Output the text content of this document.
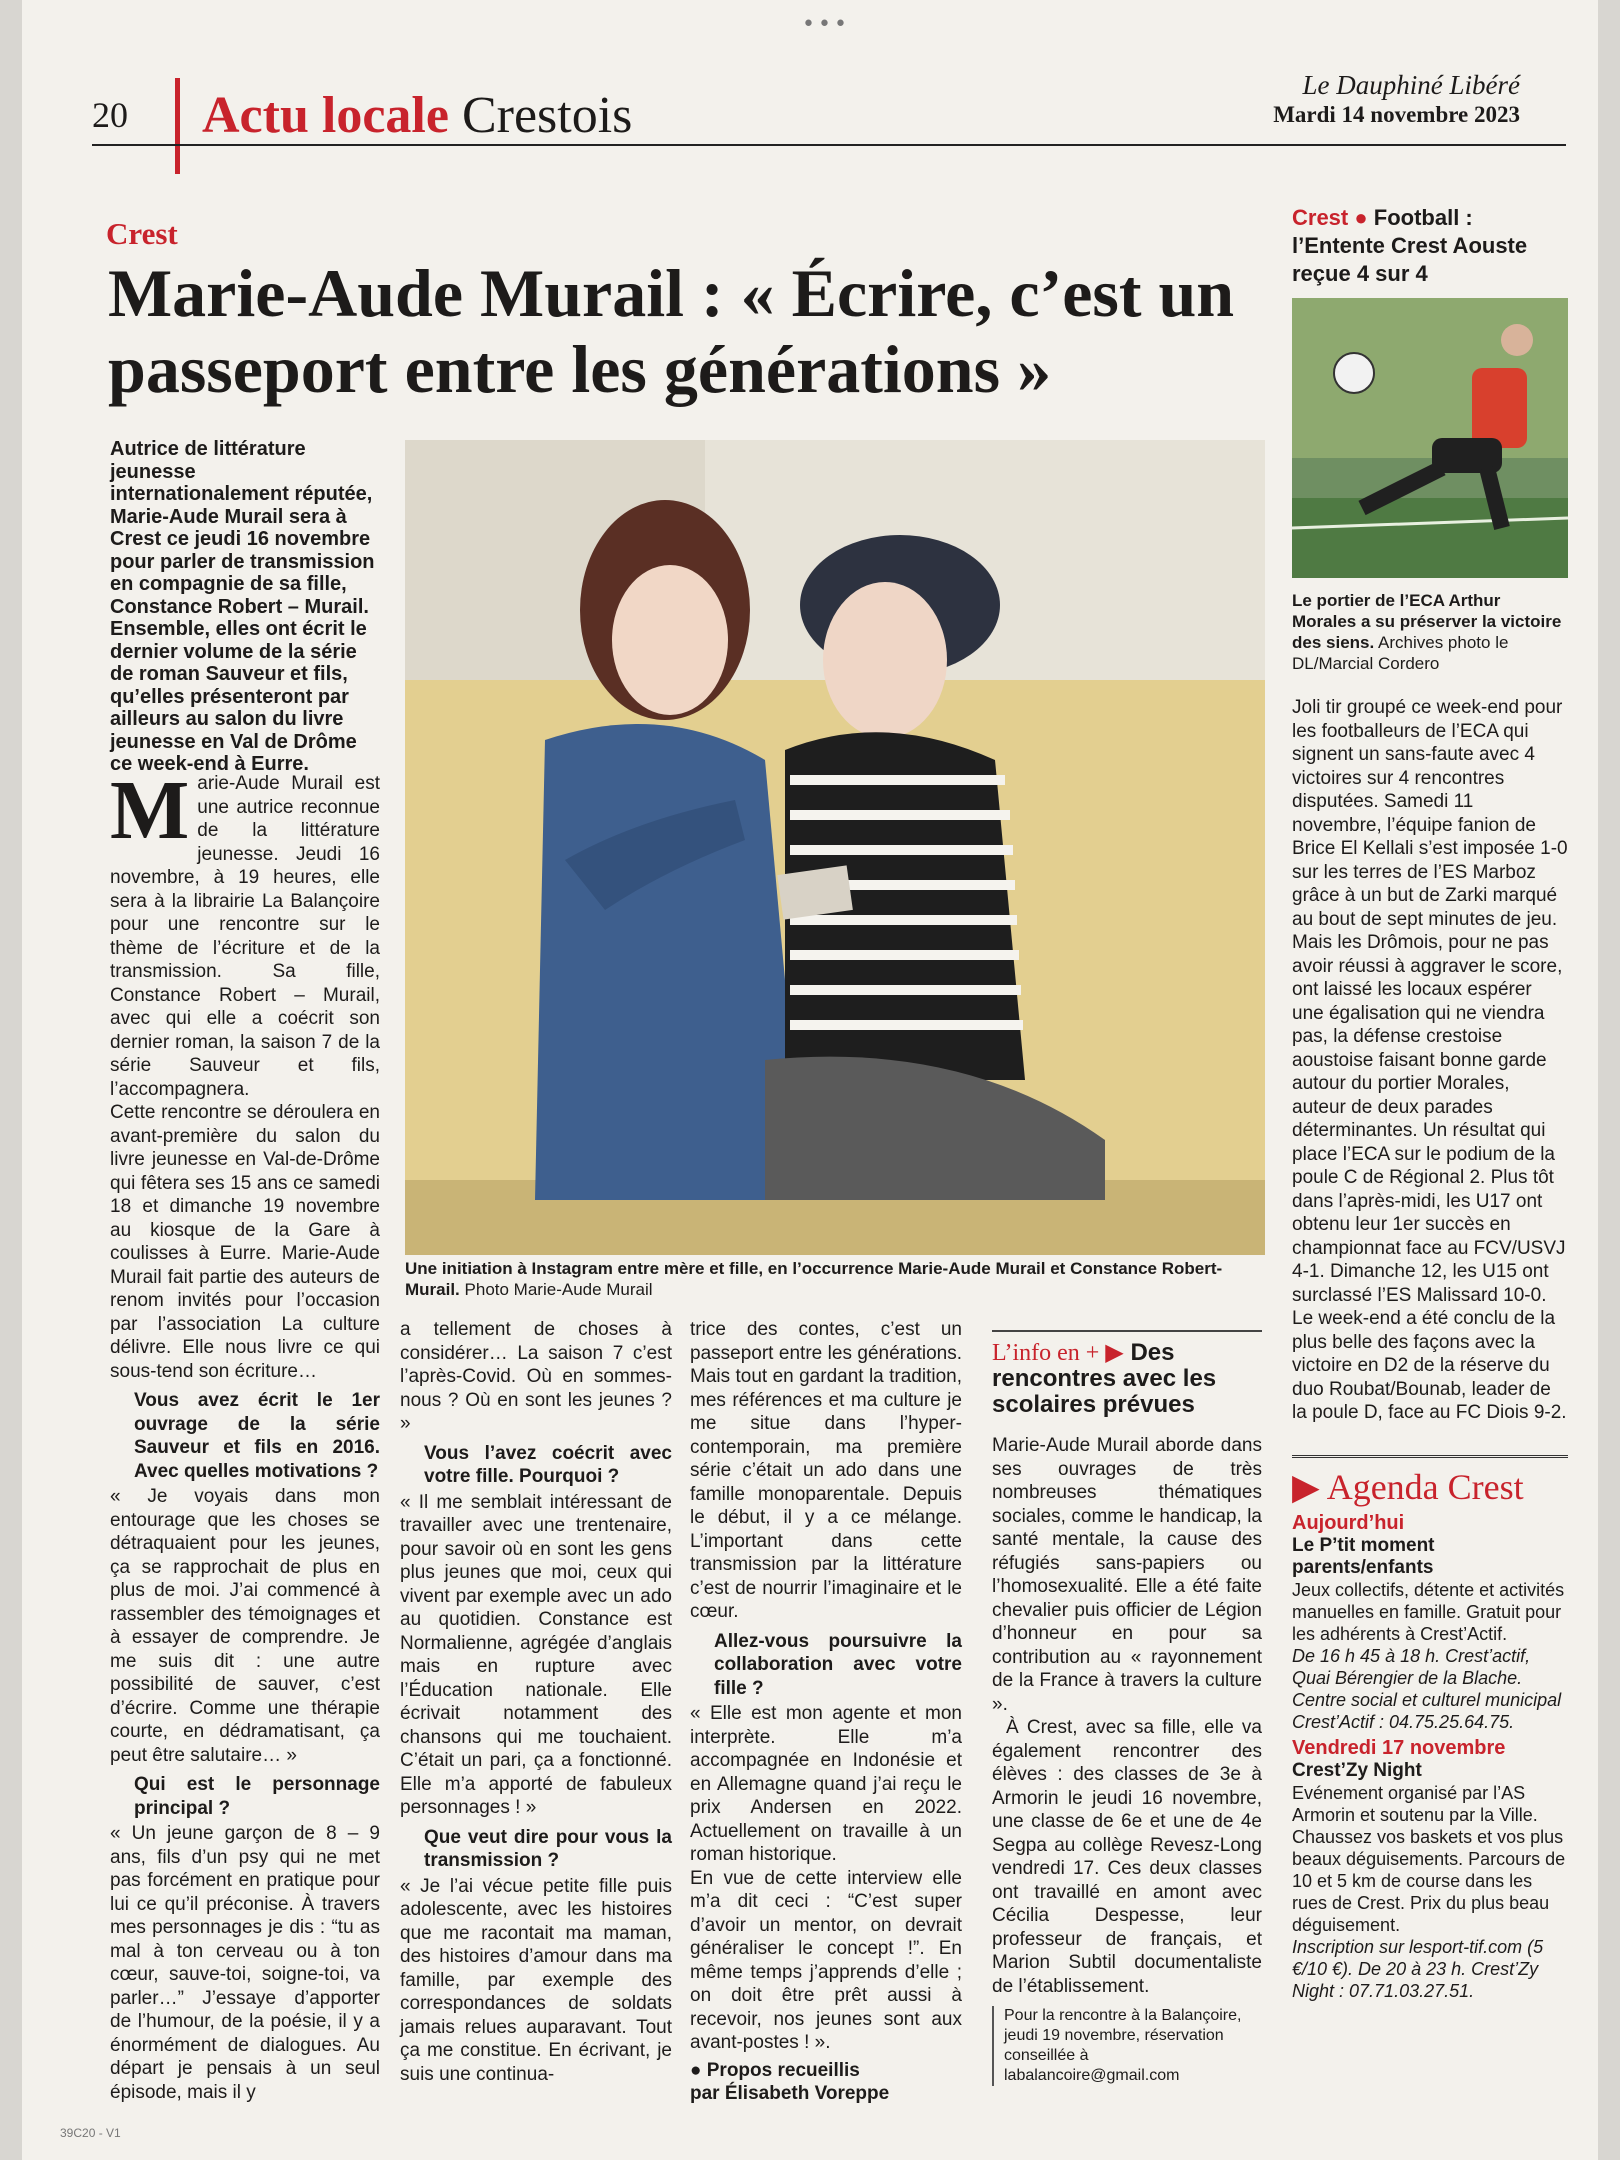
•••
20 Actu locale Crestois
Le Dauphiné Libéré
Mardi 14 novembre 2023
Crest
Marie-Aude Murail : « Écrire, c’est un passeport entre les générations »
Autrice de littérature jeunesse internationalement réputée, Marie-Aude Murail sera à Crest ce jeudi 16 novembre pour parler de transmission en compagnie de sa fille, Constance Robert – Murail. Ensemble, elles ont écrit le dernier volume de la série de roman Sauveur et fils, qu’elles présenteront par ailleurs au salon du livre jeunesse en Val de Drôme ce week-end à Eurre.
Une initiation à Instagram entre mère et fille, en l’occurrence Marie-Aude Murail et Constance Robert-Murail. Photo Marie-Aude Murail

Marie-Aude Murail est une autrice reconnue de la littérature jeunesse. Jeudi 16 novembre, à 19 heures, elle sera à la librairie La Balançoire pour une rencontre sur le thème de l’écriture et de la transmission. Sa fille, Constance Robert – Murail, avec qui elle a coécrit son dernier roman, la saison 7 de la série Sauveur et fils, l’accompagnera.

Cette rencontre se déroulera en avant-première du salon du livre jeunesse en Val-de-Drôme qui fêtera ses 15 ans ce samedi 18 et dimanche 19 novembre au kiosque de la Gare à coulisses à Eurre. Marie-Aude Murail fait partie des auteurs de renom invités pour l’occasion par l’association La culture délivre. Elle nous livre ce qui sous-tend son écriture…

Vous avez écrit le 1er ouvrage de la série Sauveur et fils en 2016. Avec quelles motivations ?

« Je voyais dans mon entourage que les choses se détraquaient pour les jeunes, ça se rapprochait de plus en plus de moi. J’ai commencé à rassembler des témoignages et à essayer de comprendre. Je me suis dit : une autre possibilité de sauver, c’est d’écrire. Comme une thérapie courte, en dédramatisant, ça peut être salutaire… »

Qui est le personnage principal ?

« Un jeune garçon de 8 – 9 ans, fils d’un psy qui ne met pas forcément en pratique pour lui ce qu’il préconise. À travers mes personnages je dis : “tu as mal à ton cerveau ou à ton cœur, sauve-toi, soigne-toi, va parler…” J’essaye d’apporter de l’humour, de la poésie, il y a énormément de dialogues. Au départ je pensais à un seul épisode, mais il y

a tellement de choses à considérer… La saison 7 c’est l’après-Covid. Où en sommes-nous ? Où en sont les jeunes ? »

Vous l’avez coécrit avec votre fille. Pourquoi ?

« Il me semblait intéressant de travailler avec une trentenaire, pour savoir où en sont les gens plus jeunes que moi, ceux qui vivent par exemple avec un ado au quotidien. Constance est Normalienne, agrégée d’anglais mais en rupture avec l’Éducation nationale. Elle écrivait notamment des chansons qui me touchaient. C’était un pari, ça a fonctionné. Elle m’a apporté de fabuleux personnages ! »

Que veut dire pour vous la transmission ?

« Je l’ai vécue petite fille puis adolescente, avec les histoires que me racontait ma maman, des histoires d’amour dans ma famille, par exemple des correspondances de soldats jamais relues auparavant. Tout ça me constitue. En écrivant, je suis une continua-

trice des contes, c’est un passeport entre les générations. Mais tout en gardant la tradition, mes références et ma culture je me situe dans l’hyper-contemporain, ma première série c’était un ado dans une famille monoparentale. Depuis le début, il y a ce mélange. L’important dans cette transmission par la littérature c’est de nourrir l’imaginaire et le cœur.

Allez-vous poursuivre la collaboration avec votre fille ?

« Elle est mon agente et mon interprète. Elle m’a accompagnée en Indonésie et en Allemagne quand j’ai reçu le prix Andersen en 2022. Actuellement on travaille à un roman historique.

En vue de cette interview elle m’a dit ceci : “C’est super d’avoir un mentor, on devrait généraliser le concept !”. En même temps j’apprends d’elle ; on doit être prêt aussi à recevoir, nos jeunes sont aux avant-postes ! ».

● Propos recueillis

par Élisabeth Voreppe

L’info en + ▶ Des rencontres avec les scolaires prévues

Marie-Aude Murail aborde dans ses ouvrages de très nombreuses thématiques sociales, comme le handicap, la santé mentale, la cause des réfugiés sans-papiers ou l’homosexualité. Elle a été faite chevalier puis officier de Légion d’honneur en pour sa contribution au « rayonnement de la France à travers la culture ».

À Crest, avec sa fille, elle va également rencontrer des élèves : des classes de 3e à Armorin le jeudi 16 novembre, une classe de 6e et une de 4e Segpa au collège Revesz-Long vendredi 17. Ces deux classes ont travaillé en amont avec Cécilia Despesse, leur professeur de français, et Marion Subtil documentaliste de l’établissement.

Pour la rencontre à la Balançoire, jeudi 19 novembre, réservation conseillée à labalancoire@gmail.com
Crest ● Football : l’Entente Crest Aouste reçue 4 sur 4
Le portier de l’ECA Arthur Morales a su préserver la victoire des siens. Archives photo le DL/Marcial Cordero
Joli tir groupé ce week-end pour les footballeurs de l’ECA qui signent un sans-faute avec 4 victoires sur 4 rencontres disputées. Samedi 11 novembre, l’équipe fanion de Brice El Kellali s’est imposée 1-0 sur les terres de l’ES Marboz grâce à un but de Zarki marqué au bout de sept minutes de jeu. Mais les Drômois, pour ne pas avoir réussi à aggraver le score, ont laissé les locaux espérer une égalisation qui ne viendra pas, la défense crestoise aoustoise faisant bonne garde autour du portier Morales, auteur de deux parades déterminantes. Un résultat qui place l’ECA sur le podium de la poule C de Régional 2. Plus tôt dans l’après-midi, les U17 ont obtenu leur 1er succès en championnat face au FCV/USVJ 4-1. Dimanche 12, les U15 ont surclassé l’ES Malissard 10-0. Le week-end a été conclu de la plus belle des façons avec la victoire en D2 de la réserve du duo Roubat/Bounab, leader de la poule D, face au FC Diois 9-2.
▶ Agenda Crest
Aujourd’hui
Le P’tit moment parents/enfants
Jeux collectifs, détente et activités manuelles en famille. Gratuit pour les adhérents à Crest’Actif.
De 16 h 45 à 18 h. Crest’actif, Quai Bérengier de la Blache. Centre social et culturel municipal Crest’Actif : 04.75.25.64.75.
Vendredi 17 novembre
Crest’Zy Night
Evénement organisé par l’AS Armorin et soutenu par la Ville. Chaussez vos baskets et vos plus beaux déguisements. Parcours de 10 et 5 km de course dans les rues de Crest. Prix du plus beau déguisement.
Inscription sur lesport-tif.com (5 €/10 €). De 20 à 23 h. Crest’Zy Night : 07.71.03.27.51.
39C20 - V1
